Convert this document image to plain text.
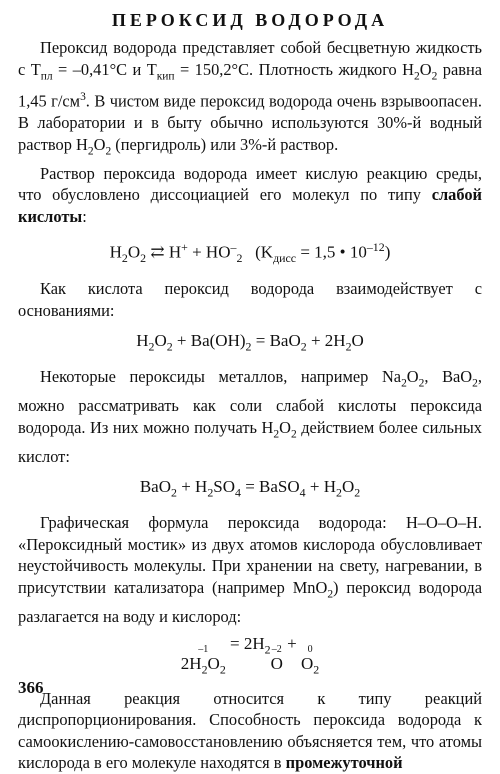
ПЕРОКСИД ВОДОРОДА

Пероксид водорода представляет собой бесцветную жидкость с $T_{пл} = -0,41^\circ С$ и $T_{кип} = 150,2^\circ С$. Плотность жидкого $H_2O_2$ равна 1,45 $г/см^3$. В чистом виде пероксид водорода очень взрывоопасен. В лаборатории и в быту обычно используются 30%-й водный раствор $H_2O_2$ (пергидроль) или 3%-й раствор.

Раствор пероксида водорода имеет кислую реакцию среды, что обусловлено диссоциацией его молекул по типу слабой кислоты:

$H_2O_2$ ⇄ $H^+ + HO^-_2$   ($K_{дисс} = 1,5$ • $10^{-12}$)

Как кислота пероксид водорода взаимодействует с основаниями:

$H_2O_2 + Ba(OH)_2 = BaO_2 + 2H_2O$

Некоторые пероксиды металлов, например $Na_2O_2$, BaO$_2$, можно рассматривать как соли слабой кислоты пероксида водорода. Из них можно получать $H_2O_2$ действием более сильных кислот:

$BaO_2 + H_2SO_4$ = BaSO$_4$ + $H_2O_2$

Графическая формула пероксида водорода: H–O–O–H. «Пероксидный мостик» из двух атомов кислорода обусловливает неустойчивость молекулы. При хранении на свету, нагревании, в присутствии катализатора (например MnO$_2$) пероксид водорода разлагается на воду и кислород:

–1
$2H_2O_2$
= $2H_2$ –2
O
+ 0
$O_2$

Данная реакция относится к типу реакций диспропорционирования. Способность пероксида водорода к самоокислению-самовосстановлению объясняется тем, что атомы кислорода в его молекуле находятся в промежуточной

366
